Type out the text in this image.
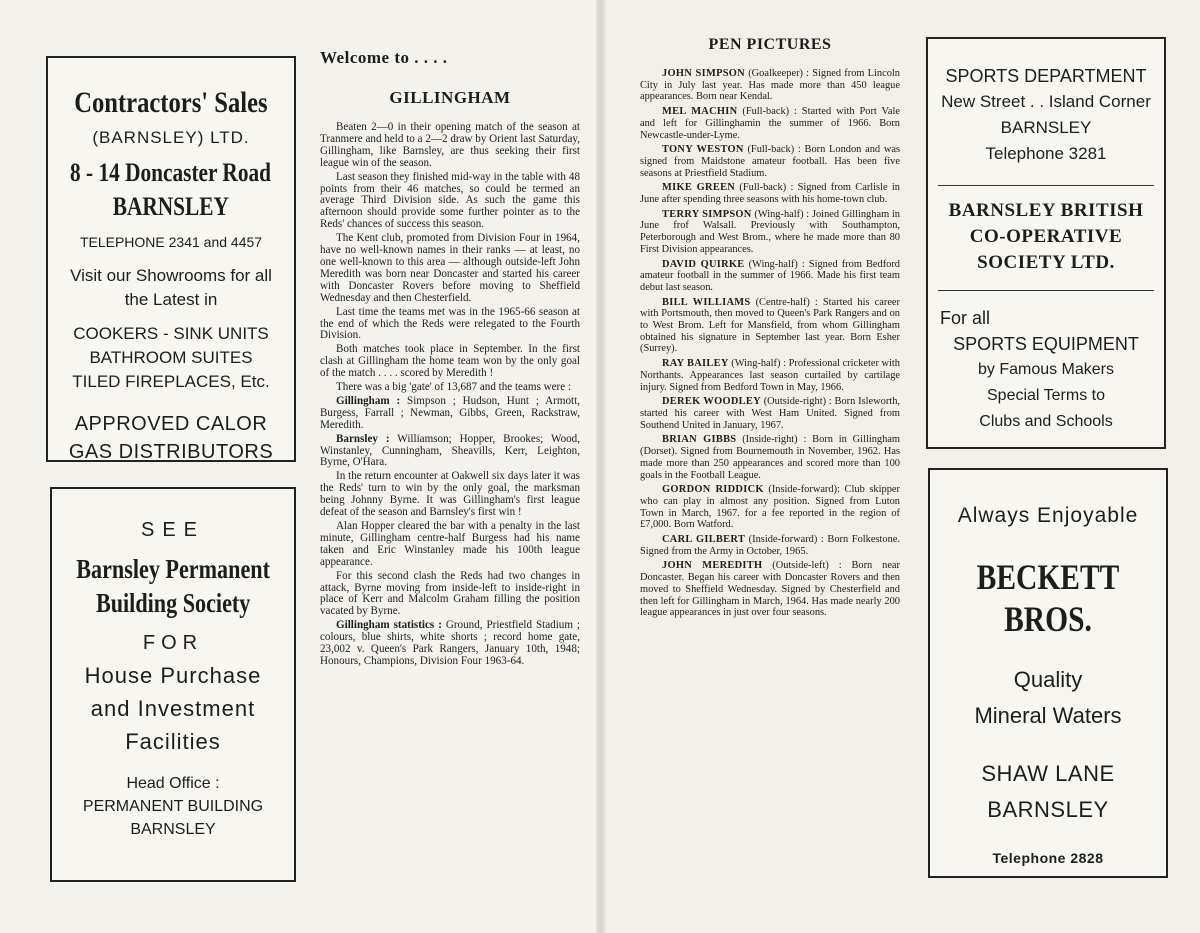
Contractors' Sales
(BARNSLEY) LTD.
8 - 14 Doncaster Road
BARNSLEY
TELEPHONE 2341 and 4457
Visit our Showrooms for all
the Latest in
COOKERS - SINK UNITS
BATHROOM SUITES
TILED FIREPLACES, Etc.
APPROVED CALOR
GAS DISTRIBUTORS
SEE
Barnsley Permanent
Building Society
FOR
House Purchase
and Investment
Facilities
Head Office :
PERMANENT BUILDING
BARNSLEY
Welcome to . . . .
GILLINGHAM

Beaten 2—0 in their opening match of the season at Tranmere and held to a 2—2 draw by Orient last Saturday, Gillingham, like Barnsley, are thus seeking their first league win of the season.

Last season they finished mid-way in the table with 48 points from their 46 matches, so could be termed an average Third Division side. As such the game this afternoon should provide some further pointer as to the Reds' chances of success this season.

The Kent club, promoted from Division Four in 1964, have no well-known names in their ranks — at least, no one well-known to this area — although outside-left John Meredith was born near Doncaster and started his career with Doncaster Rovers before moving to Sheffield Wednesday and then Chesterfield.

Last time the teams met was in the 1965-66 season at the end of which the Reds were relegated to the Fourth Division.

Both matches took place in September. In the first clash at Gillingham the home team won by the only goal of the match . . . . scored by Meredith !

There was a big 'gate' of 13,687 and the teams were :

Gillingham : Simpson ; Hudson, Hunt ; Armott, Burgess, Farrall ; Newman, Gibbs, Green, Rackstraw, Meredith.

Barnsley : Williamson; Hopper, Brookes; Wood, Winstanley, Cunningham, Sheavills, Kerr, Leighton, Byrne, O'Hara.

In the return encounter at Oakwell six days later it was the Reds' turn to win by the only goal, the marksman being Johnny Byrne. It was Gillingham's first league defeat of the season and Barnsley's first win !

Alan Hopper cleared the bar with a penalty in the last minute, Gillingham centre-half Burgess had his name taken and Eric Winstanley made his 100th league appearance.

For this second clash the Reds had two changes in attack, Byrne moving from inside-left to inside-right in place of Kerr and Malcolm Graham filling the position vacated by Byrne.

Gillingham statistics : Ground, Priestfield Stadium ; colours, blue shirts, white shorts ; record home gate, 23,002 v. Queen's Park Rangers, January 10th, 1948; Honours, Champions, Division Four 1963-64.

PEN PICTURES

JOHN SIMPSON (Goalkeeper) : Signed from Lincoln City in July last year. Has made more than 450 league appearances. Born near Kendal.

MEL MACHIN (Full-back) : Started with Port Vale and left for Gillinghamin the summer of 1966. Born Newcastle-under-Lyme.

TONY WESTON (Full-back) : Born London and was signed from Maidstone amateur football. Has been five seasons at Priestfield Stadium.

MIKE GREEN (Full-back) : Signed from Carlisle in June after spending three seasons with his home-town club.

TERRY SIMPSON (Wing-half) : Joined Gillingham in June frof Walsall. Previously with Southampton, Peterborough and West Brom., where he made more than 80 First Division appearances.

DAVID QUIRKE (Wing-half) : Signed from Bedford amateur football in the summer of 1966. Made his first team debut last season.

BILL WILLIAMS (Centre-half) : Started his career with Portsmouth, then moved to Queen's Park Rangers and on to West Brom. Left for Mansfield, from whom Gillingham obtained his signature in September last year. Born Esher (Surrey).

RAY BAILEY (Wing-half) : Professional cricketer with Northants. Appearances last season curtailed by cartilage injury. Signed from Bedford Town in May, 1966.

DEREK WOODLEY (Outside-right) : Born Isleworth, started his career with West Ham United. Signed from Southend United in January, 1967.

BRIAN GIBBS (Inside-right) : Born in Gillingham (Dorset). Signed from Bournemouth in November, 1962. Has made more than 250 appearances and scored more than 100 goals in the Football League.

GORDON RIDDICK (Inside-forward): Club skipper who can play in almost any position. Signed from Luton Town in March, 1967. for a fee reported in the region of £7,000. Born Watford.

CARL GILBERT (Inside-forward) : Born Folkestone. Signed from the Army in October, 1965.

JOHN MEREDITH (Outside-left) : Born near Doncaster. Began his career with Doncaster Rovers and then moved to Sheffield Wednesday. Signed by Chesterfield and then left for Gillingham in March, 1964. Has made nearly 200 league appearances in just over four seasons.

SPORTS DEPARTMENT
New Street . . Island Corner
BARNSLEY
Telephone 3281
BARNSLEY BRITISH
CO-OPERATIVE
SOCIETY LTD.
For all
SPORTS EQUIPMENT
by Famous Makers
Special Terms to
Clubs and Schools
Always Enjoyable
BECKETT BROS.
Quality
Mineral Waters
SHAW LANE
BARNSLEY
Telephone 2828
